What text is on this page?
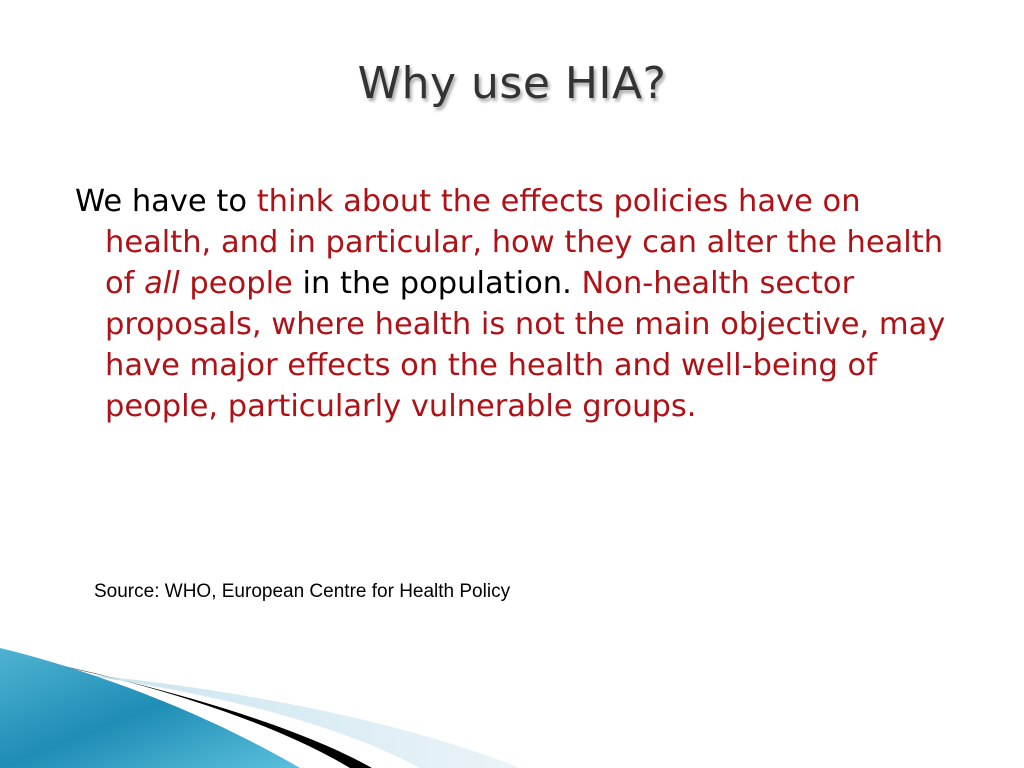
Why use HIA?

We have to think about the effects policies have on health, and in particular, how they can alter the health of all people in the population. Non-health sector proposals, where health is not the main objective, may have major effects on the health and well-being of people, particularly vulnerable groups.

Source: WHO, European Centre for Health Policy
